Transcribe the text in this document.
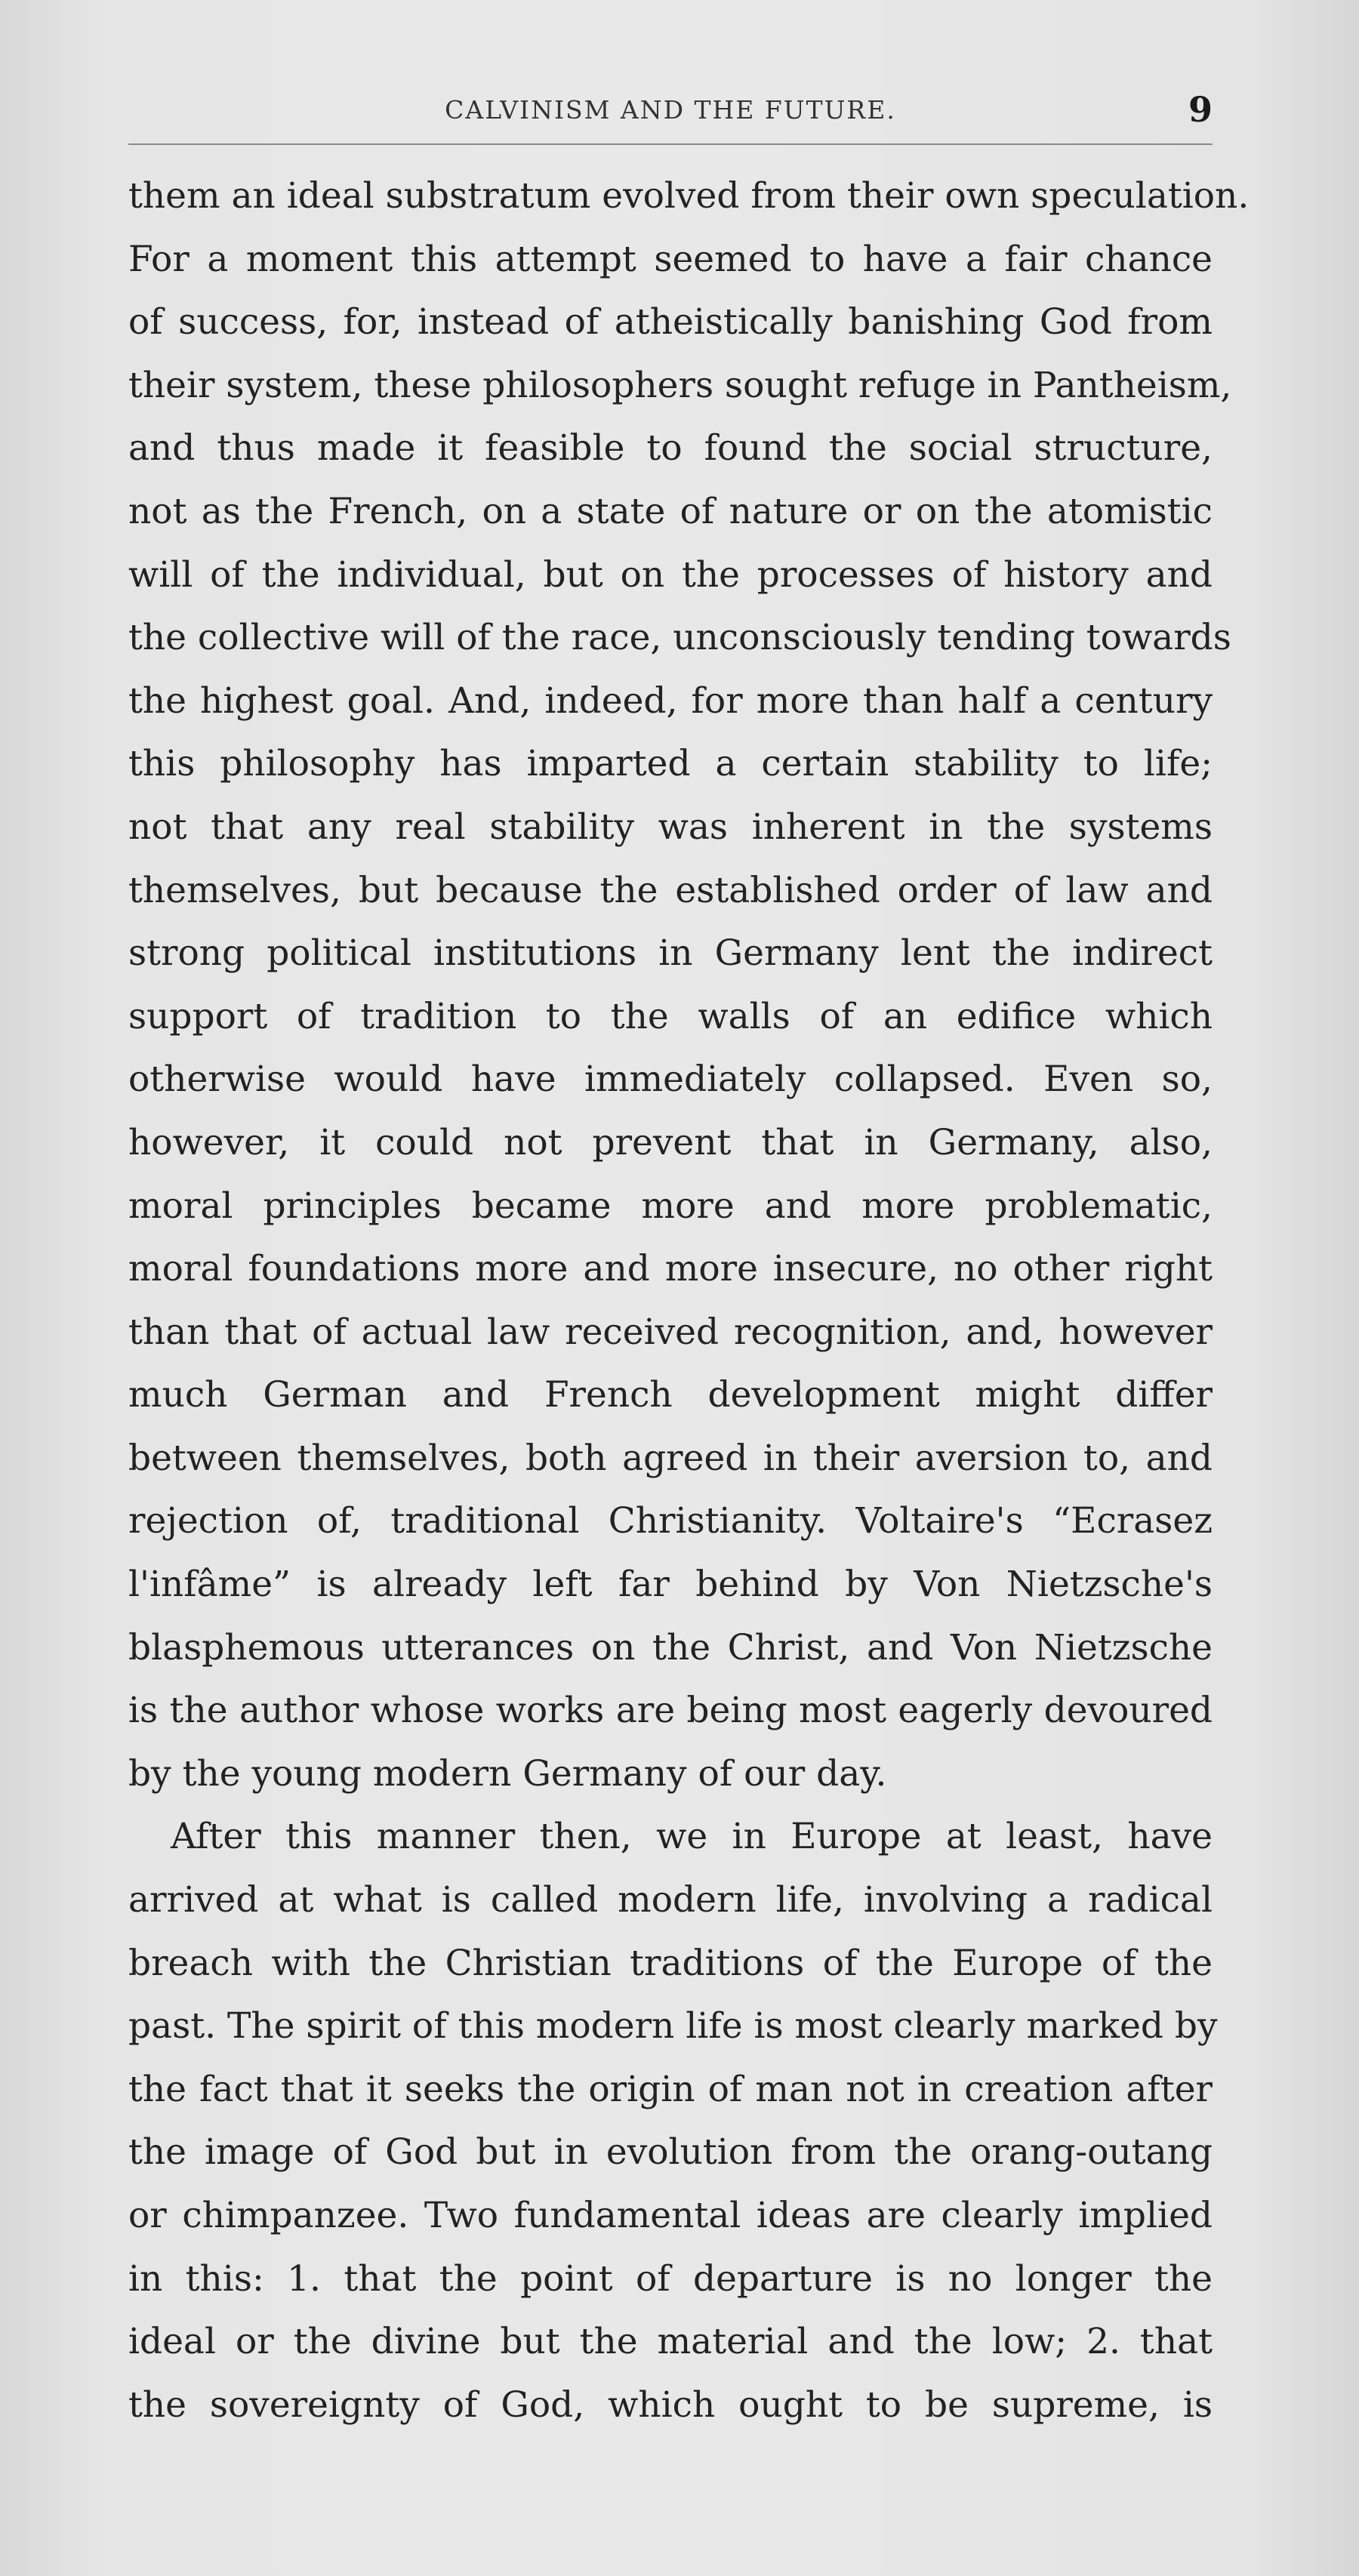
CALVINISM AND THE FUTURE.	9
them an ideal substratum evolved from their own speculation.
For a moment this attempt seemed to have a fair chance
of success, for, instead of atheistically banishing God from
their system, these philosophers sought refuge in Pantheism,
and thus made it feasible to found the social structure,
not as the French, on a state of nature or on the atomistic
will of the individual, but on the processes of history and
the collective will of the race, unconsciously tending towards
the highest goal. And, indeed, for more than half a century
this philosophy has imparted a certain stability to life;
not that any real stability was inherent in the systems
themselves, but because the established order of law and
strong political institutions in Germany lent the indirect
support of tradition to the walls of an edifice which
otherwise would have immediately collapsed. Even so,
however, it could not prevent that in Germany, also,
moral principles became more and more problematic,
moral foundations more and more insecure, no other right
than that of actual law received recognition, and, however
much German and French development might differ
between themselves, both agreed in their aversion to, and
rejection of, traditional Christianity. Voltaire's “Ecrasez
l'infâme” is already left far behind by Von Nietzsche's
blasphemous utterances on the Christ, and Von Nietzsche
is the author whose works are being most eagerly devoured
by the young modern Germany of our day.
After this manner then, we in Europe at least, have
arrived at what is called modern life, involving a radical
breach with the Christian traditions of the Europe of the
past. The spirit of this modern life is most clearly marked by
the fact that it seeks the origin of man not in creation after
the image of God but in evolution from the orang-outang
or chimpanzee. Two fundamental ideas are clearly implied
in this: 1. that the point of departure is no longer the
ideal or the divine but the material and the low; 2. that
the sovereignty of God, which ought to be supreme, is
